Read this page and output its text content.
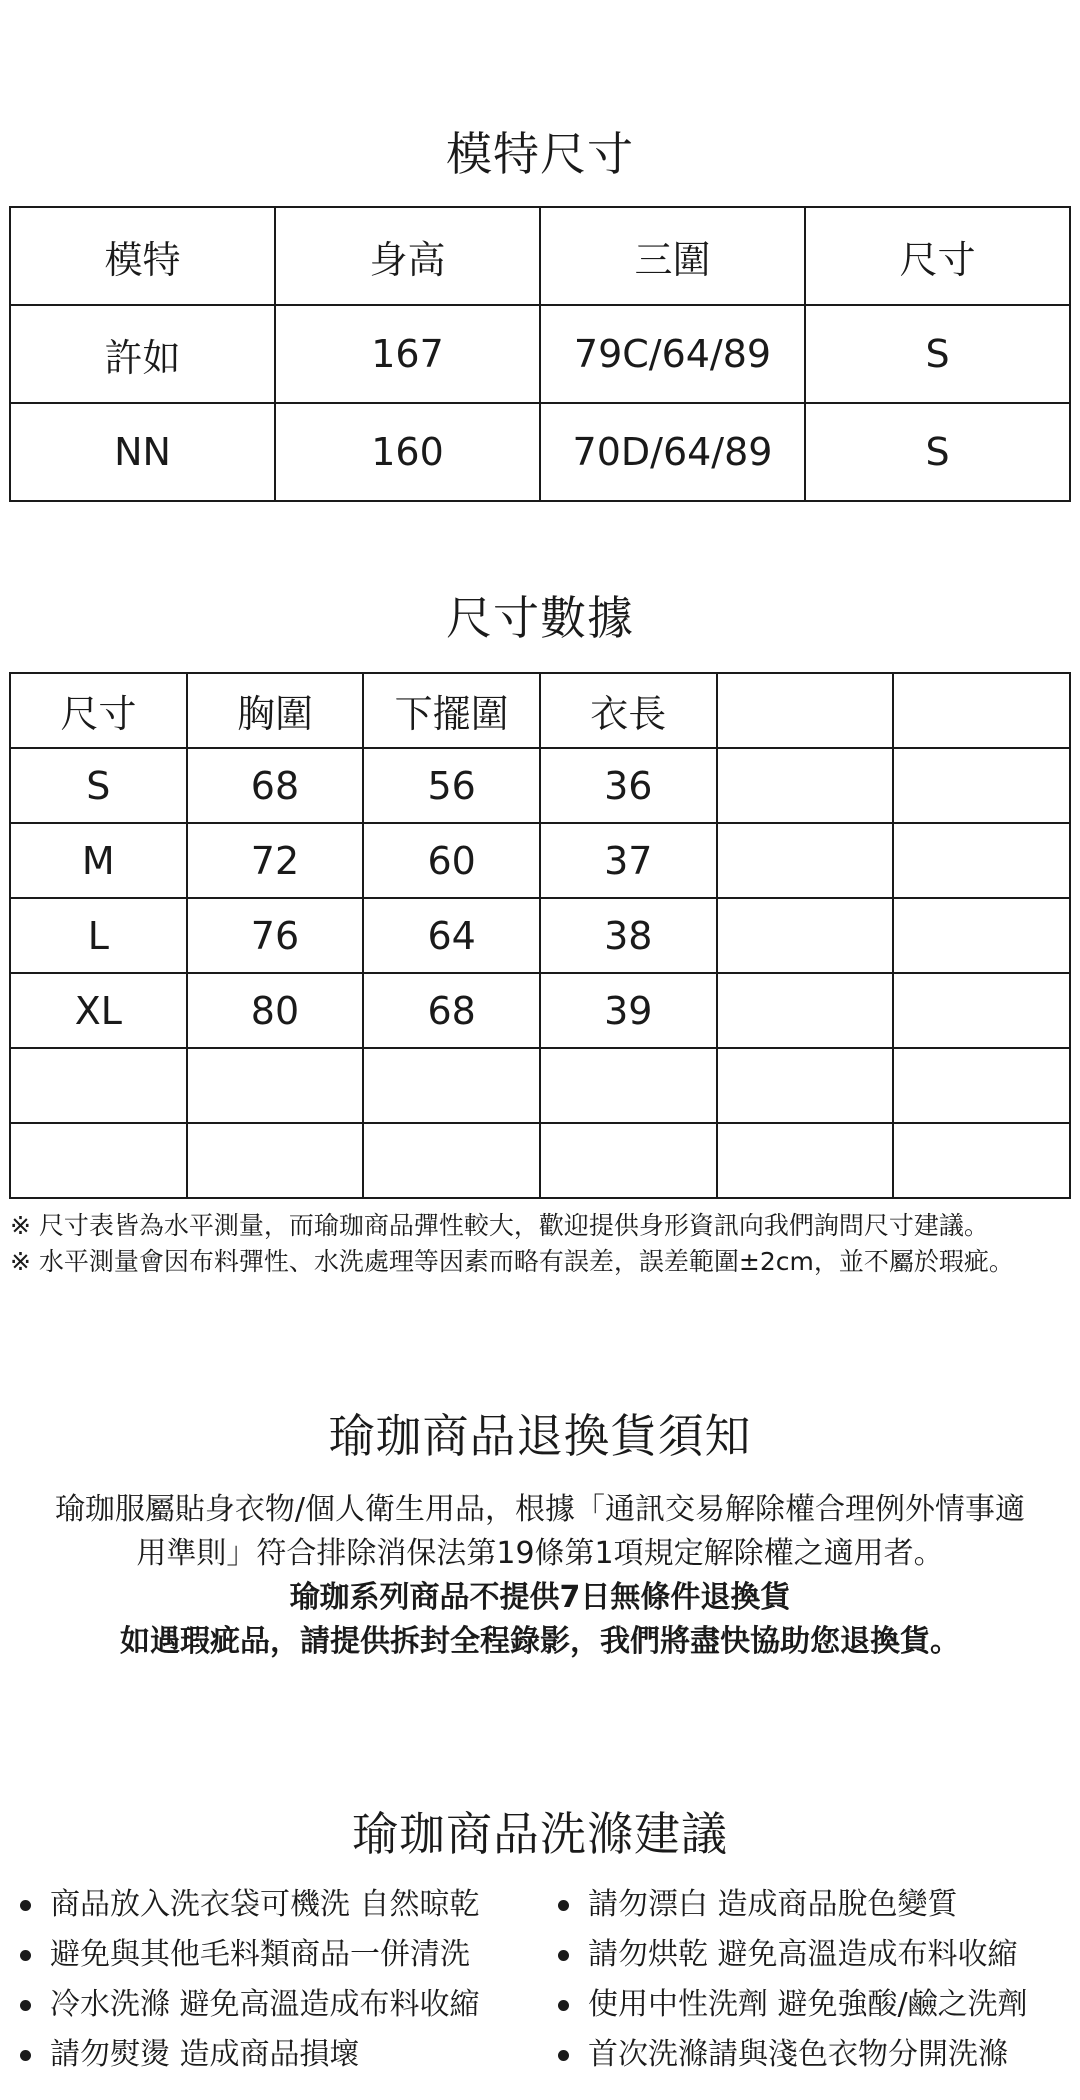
模特尺寸
模特	身高	三圍	尺寸
許如	167	79C/64/89	S
NN	160	70D/64/89	S
尺寸數據
尺寸	胸圍	下擺圍	衣長		
S	68	56	36		
M	72	60	37		
L	76	64	38		
XL	80	68	39		

※ 尺寸表皆為水平測量，而瑜珈商品彈性較大，歡迎提供身形資訊向我們詢問尺寸建議。
※ 水平測量會因布料彈性、水洗處理等因素而略有誤差，誤差範圍±2cm，並不屬於瑕疵。
瑜珈商品退換貨須知
瑜珈服屬貼身衣物/個人衛生用品，根據「通訊交易解除權合理例外情事適
用準則」符合排除消保法第19條第1項規定解除權之適用者。
瑜珈系列商品不提供7日無條件退換貨
如遇瑕疵品，請提供拆封全程錄影，我們將盡快協助您退換貨。
瑜珈商品洗滌建議
商品放入洗衣袋可機洗 自然晾乾
避免與其他毛料類商品一併清洗
冷水洗滌 避免高溫造成布料收縮
請勿熨燙 造成商品損壞
請勿漂白 造成商品脫色變質
請勿烘乾 避免高溫造成布料收縮
使用中性洗劑 避免強酸/鹼之洗劑
首次洗滌請與淺色衣物分開洗滌
